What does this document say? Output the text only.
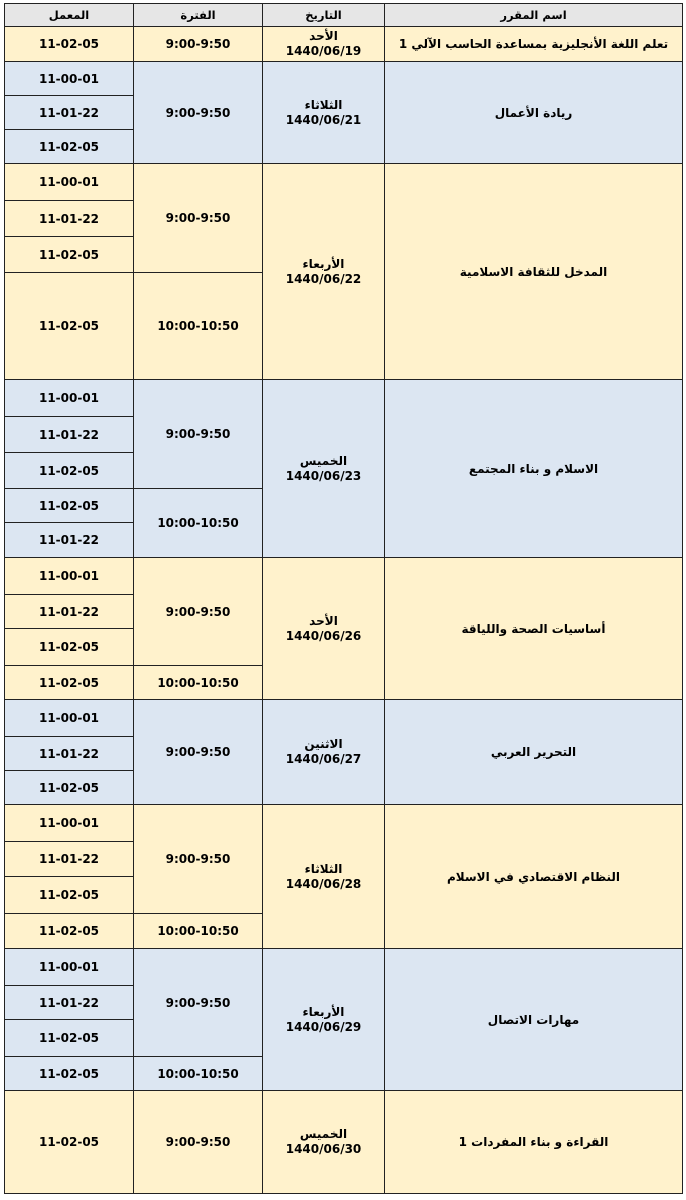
اسم المقرر	التاريخ	الفترة	المعمل
تعلم اللغة الأنجليزية بمساعدة الحاسب الآلي 1	الأحد
1440/06/19	9:00-9:50	11-02-05
ريادة الأعمال	الثلاثاء
1440/06/21	9:00-9:50	11-00-01
			11-01-22
			11-02-05
المدخل للثقافة الاسلامية	الأربعاء
1440/06/22	9:00-9:50	11-00-01
			11-01-22
			11-02-05
		10:00-10:50	11-02-05
الاسلام و بناء المجتمع	الخميس
1440/06/23	9:00-9:50	11-00-01
			11-01-22
			11-02-05
		10:00-10:50	11-02-05
			11-01-22
أساسيات الصحة واللياقة	الأحد
1440/06/26	9:00-9:50	11-00-01
			11-01-22
			11-02-05
		10:00-10:50	11-02-05
التحرير العربي	الاثنين
1440/06/27	9:00-9:50	11-00-01
			11-01-22
			11-02-05
النظام الاقتصادي في الاسلام	الثلاثاء
1440/06/28	9:00-9:50	11-00-01
			11-01-22
			11-02-05
		10:00-10:50	11-02-05
مهارات الاتصال	الأربعاء
1440/06/29	9:00-9:50	11-00-01
			11-01-22
			11-02-05
		10:00-10:50	11-02-05
القراءة و بناء المفردات 1	الخميس
1440/06/30	9:00-9:50	11-02-05
